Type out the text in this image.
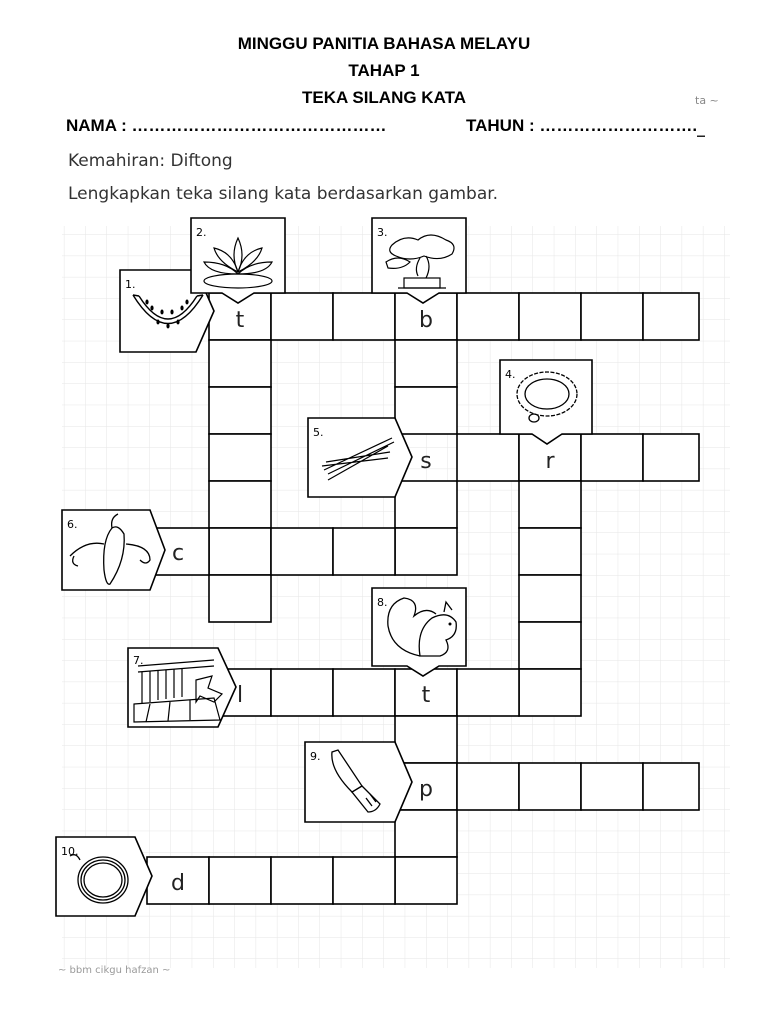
MINGGU PANITIA BAHASA MELAYU
TAHAP 1
TEKA SILANG KATA
NAMA : ………………………………………	TAHUN : ……………………….
ta ~
_
Kemahiran: Diftong
Lengkapkan teka silang kata berdasarkan gambar.
~ bbm cikgu hafzan ~
t	b
s	r
c
l	t
p
d
1.
2.	3.
4.
5.
6.
7.
8.
9.
10.
